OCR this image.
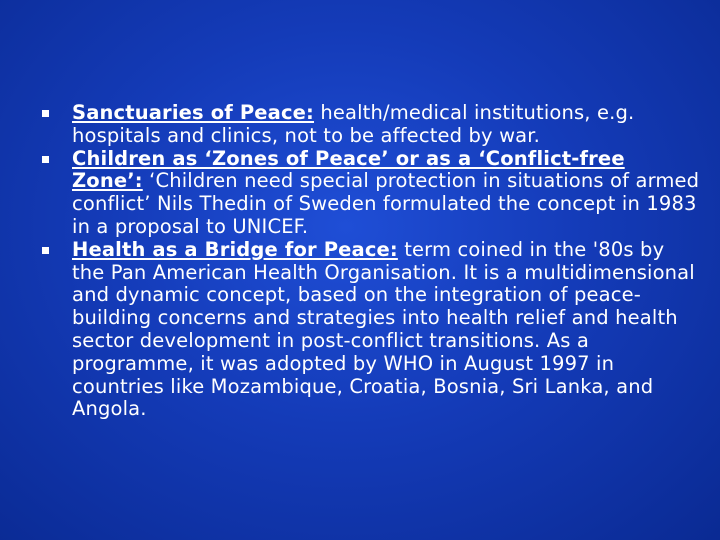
Sanctuaries of Peace: health/medical institutions, e.g. hospitals and clinics, not to be affected by war.
Children as ‘Zones of Peace’ or as a ‘Conflict-free Zone’: ‘Children need special protection in situations of armed conflict’ Nils Thedin of Sweden formulated the concept in 1983 in a proposal to UNICEF.
Health as a Bridge for Peace: term coined in the '80s by the Pan American Health Organisation. It is a multidimensional and dynamic concept, based on the integration of peace-building concerns and strategies into health relief and health sector development in post-conflict transitions. As a programme, it was adopted by WHO in August 1997 in countries like Mozambique, Croatia, Bosnia, Sri Lanka, and Angola.
